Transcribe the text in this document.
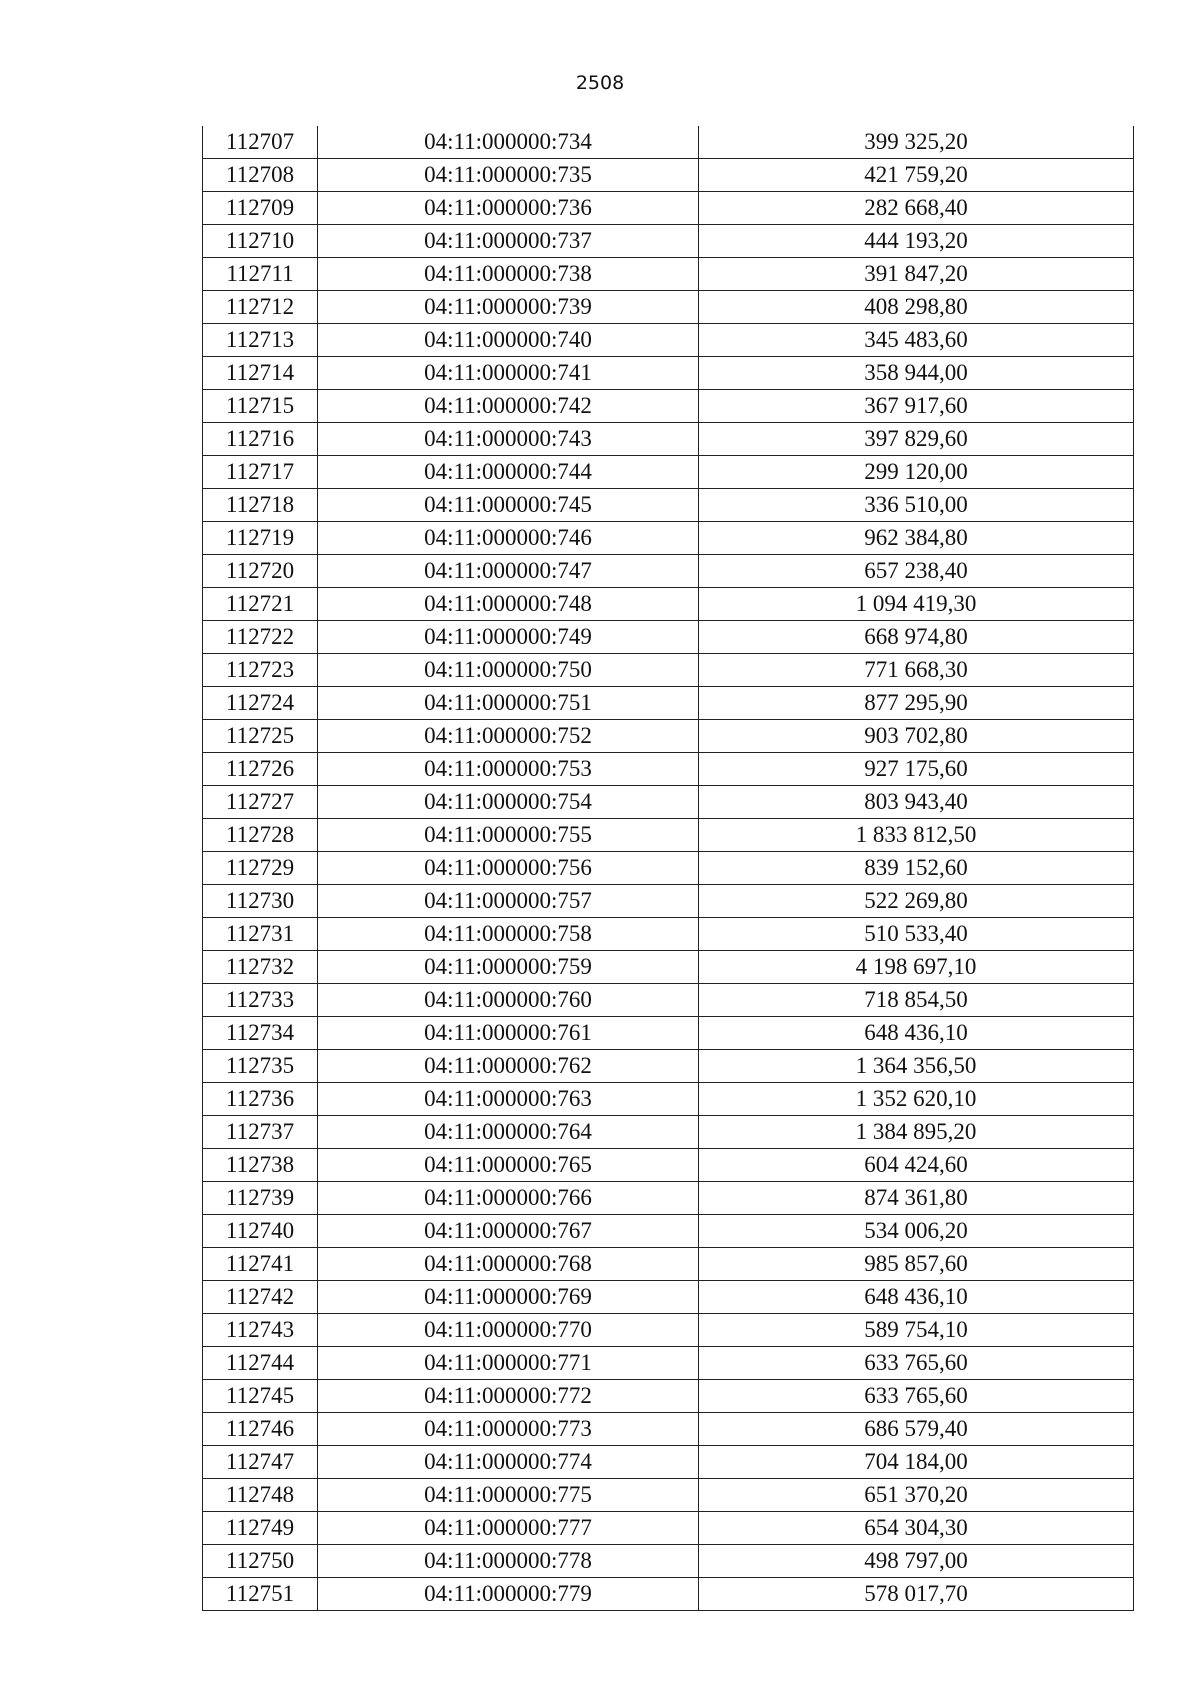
2508
112707	04:11:000000:734	399 325,20
112708	04:11:000000:735	421 759,20
112709	04:11:000000:736	282 668,40
112710	04:11:000000:737	444 193,20
112711	04:11:000000:738	391 847,20
112712	04:11:000000:739	408 298,80
112713	04:11:000000:740	345 483,60
112714	04:11:000000:741	358 944,00
112715	04:11:000000:742	367 917,60
112716	04:11:000000:743	397 829,60
112717	04:11:000000:744	299 120,00
112718	04:11:000000:745	336 510,00
112719	04:11:000000:746	962 384,80
112720	04:11:000000:747	657 238,40
112721	04:11:000000:748	1 094 419,30
112722	04:11:000000:749	668 974,80
112723	04:11:000000:750	771 668,30
112724	04:11:000000:751	877 295,90
112725	04:11:000000:752	903 702,80
112726	04:11:000000:753	927 175,60
112727	04:11:000000:754	803 943,40
112728	04:11:000000:755	1 833 812,50
112729	04:11:000000:756	839 152,60
112730	04:11:000000:757	522 269,80
112731	04:11:000000:758	510 533,40
112732	04:11:000000:759	4 198 697,10
112733	04:11:000000:760	718 854,50
112734	04:11:000000:761	648 436,10
112735	04:11:000000:762	1 364 356,50
112736	04:11:000000:763	1 352 620,10
112737	04:11:000000:764	1 384 895,20
112738	04:11:000000:765	604 424,60
112739	04:11:000000:766	874 361,80
112740	04:11:000000:767	534 006,20
112741	04:11:000000:768	985 857,60
112742	04:11:000000:769	648 436,10
112743	04:11:000000:770	589 754,10
112744	04:11:000000:771	633 765,60
112745	04:11:000000:772	633 765,60
112746	04:11:000000:773	686 579,40
112747	04:11:000000:774	704 184,00
112748	04:11:000000:775	651 370,20
112749	04:11:000000:777	654 304,30
112750	04:11:000000:778	498 797,00
112751	04:11:000000:779	578 017,70
